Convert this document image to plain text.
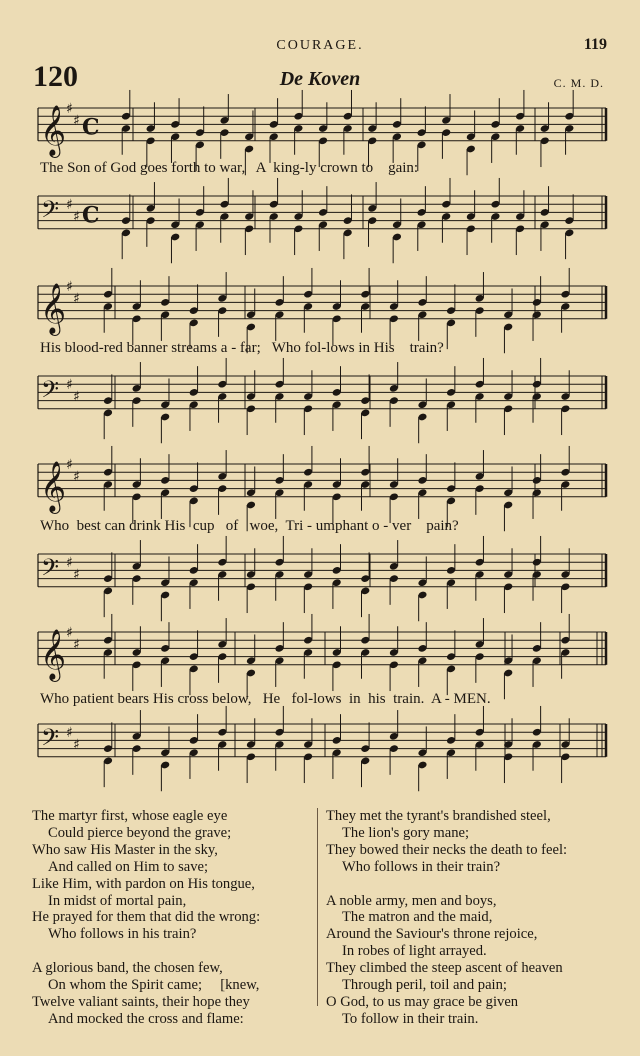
COURAGE.	119
120	De Koven	C. M. D.
𝄞 ♯
♯
𝄢 ♯
♯
C
C
𝄞 ♯
♯
𝄢 ♯
♯
𝄞 ♯
♯
𝄢 ♯
♯
𝄞 ♯
♯
𝄢 ♯
♯
The Son of God goes forth to war,   A  king-ly crown to    gain:
His blood-red banner streams a - far;   Who fol-lows in His    train?
Who  best can drink His  cup   of   woe,  Tri - umphant o - ver    pain?
Who patient bears His cross below,   He   fol-lows  in  his  train.  A - MEN.
The martyr first, whose eagle eye
Could pierce beyond the grave;
Who saw His Master in the sky,
And called on Him to save;
Like Him, with pardon on His tongue,
In midst of mortal pain,
He prayed for them that did the wrong:
Who follows in his train?
A glorious band, the chosen few,
On whom the Spirit came;     [knew,
Twelve valiant saints, their hope they
And mocked the cross and flame:
They met the tyrant's brandished steel,
The lion's gory mane;
They bowed their necks the death to feel:
Who follows in their train?
A noble army, men and boys,
The matron and the maid,
Around the Saviour's throne rejoice,
In robes of light arrayed.
They climbed the steep ascent of heaven
Through peril, toil and pain;
O God, to us may grace be given
To follow in their train.
